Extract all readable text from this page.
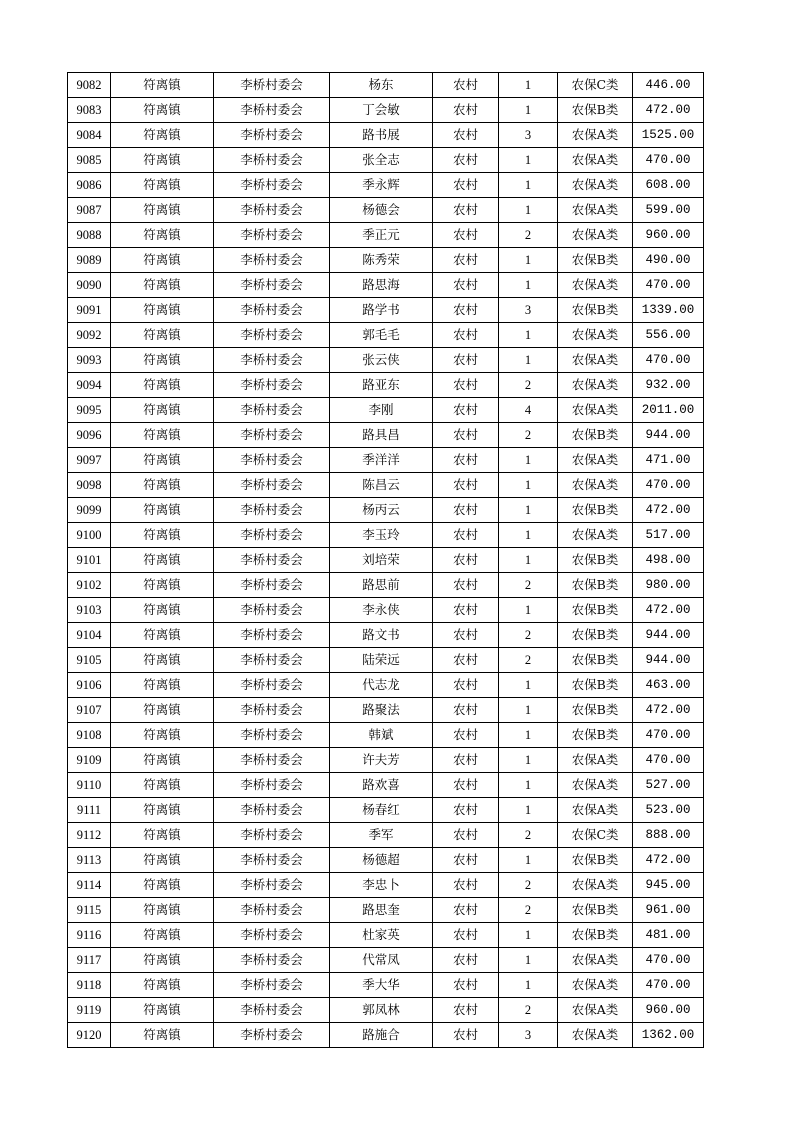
9082	符离镇	李桥村委会	杨东	农村	1	农保C类	446.00
9083	符离镇	李桥村委会	丁会敏	农村	1	农保B类	472.00
9084	符离镇	李桥村委会	路书展	农村	3	农保A类	1525.00
9085	符离镇	李桥村委会	张全志	农村	1	农保A类	470.00
9086	符离镇	李桥村委会	季永辉	农村	1	农保A类	608.00
9087	符离镇	李桥村委会	杨德会	农村	1	农保A类	599.00
9088	符离镇	李桥村委会	季正元	农村	2	农保A类	960.00
9089	符离镇	李桥村委会	陈秀荣	农村	1	农保B类	490.00
9090	符离镇	李桥村委会	路思海	农村	1	农保A类	470.00
9091	符离镇	李桥村委会	路学书	农村	3	农保B类	1339.00
9092	符离镇	李桥村委会	郭毛毛	农村	1	农保A类	556.00
9093	符离镇	李桥村委会	张云侠	农村	1	农保A类	470.00
9094	符离镇	李桥村委会	路亚东	农村	2	农保A类	932.00
9095	符离镇	李桥村委会	李刚	农村	4	农保A类	2011.00
9096	符离镇	李桥村委会	路具昌	农村	2	农保B类	944.00
9097	符离镇	李桥村委会	季洋洋	农村	1	农保A类	471.00
9098	符离镇	李桥村委会	陈昌云	农村	1	农保A类	470.00
9099	符离镇	李桥村委会	杨丙云	农村	1	农保B类	472.00
9100	符离镇	李桥村委会	李玉玲	农村	1	农保A类	517.00
9101	符离镇	李桥村委会	刘培荣	农村	1	农保B类	498.00
9102	符离镇	李桥村委会	路思前	农村	2	农保B类	980.00
9103	符离镇	李桥村委会	李永侠	农村	1	农保B类	472.00
9104	符离镇	李桥村委会	路文书	农村	2	农保B类	944.00
9105	符离镇	李桥村委会	陆荣远	农村	2	农保B类	944.00
9106	符离镇	李桥村委会	代志龙	农村	1	农保B类	463.00
9107	符离镇	李桥村委会	路聚法	农村	1	农保B类	472.00
9108	符离镇	李桥村委会	韩斌	农村	1	农保B类	470.00
9109	符离镇	李桥村委会	许夫芳	农村	1	农保A类	470.00
9110	符离镇	李桥村委会	路欢喜	农村	1	农保A类	527.00
9111	符离镇	李桥村委会	杨春红	农村	1	农保A类	523.00
9112	符离镇	李桥村委会	季军	农村	2	农保C类	888.00
9113	符离镇	李桥村委会	杨德超	农村	1	农保B类	472.00
9114	符离镇	李桥村委会	李忠卜	农村	2	农保A类	945.00
9115	符离镇	李桥村委会	路思奎	农村	2	农保B类	961.00
9116	符离镇	李桥村委会	杜家英	农村	1	农保B类	481.00
9117	符离镇	李桥村委会	代常凤	农村	1	农保A类	470.00
9118	符离镇	李桥村委会	季大华	农村	1	农保A类	470.00
9119	符离镇	李桥村委会	郭凤林	农村	2	农保A类	960.00
9120	符离镇	李桥村委会	路施合	农村	3	农保A类	1362.00
